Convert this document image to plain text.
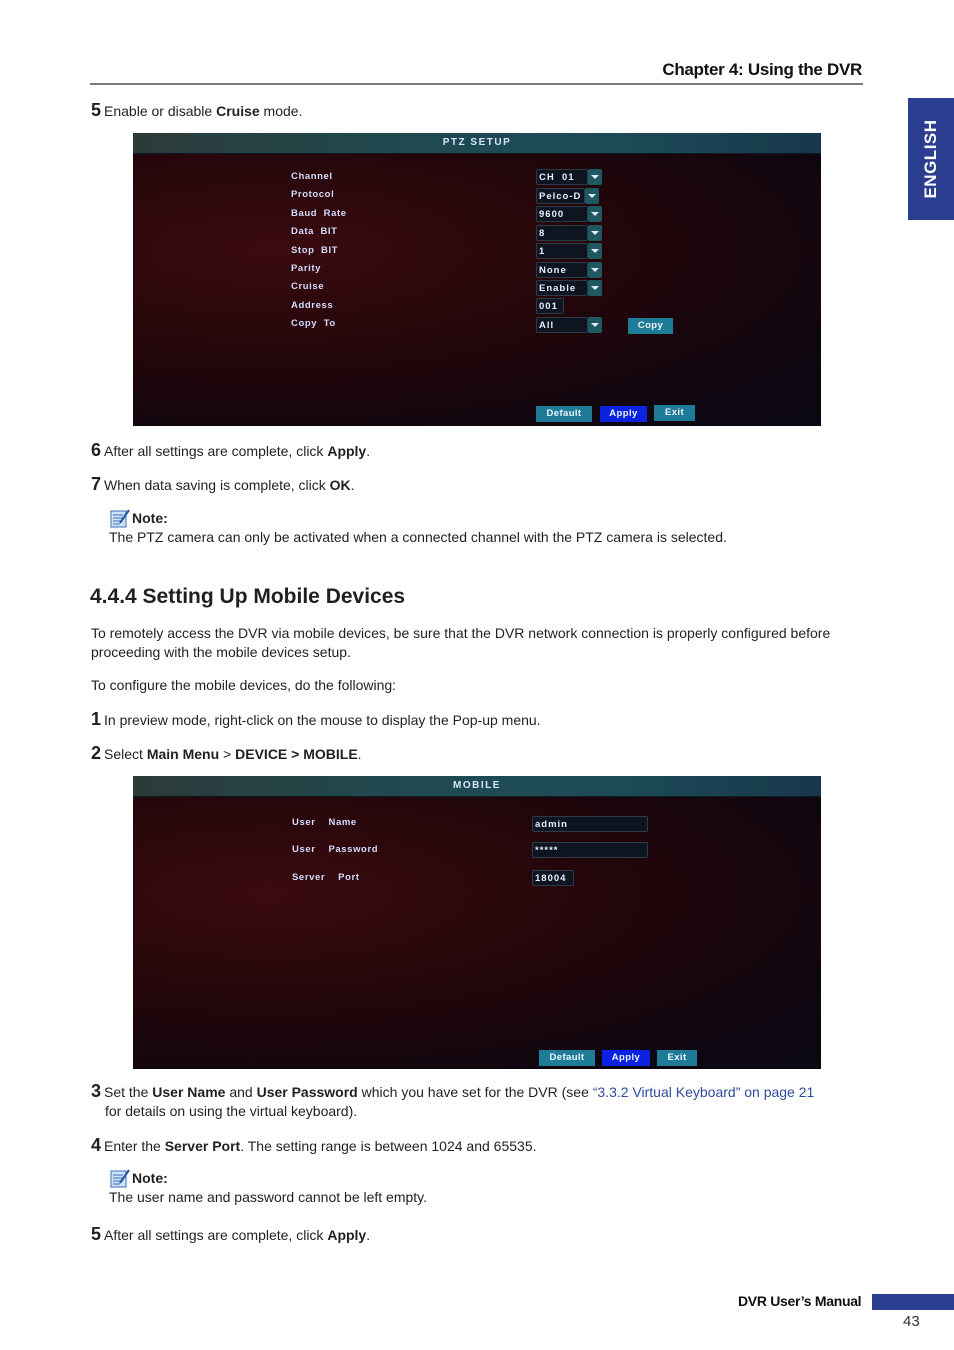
Chapter 4: Using the DVR
ENGLISH
5 Enable or disable Cruise mode.
PTZ SETUP
Channel	CH  01
Protocol	Pelco-D
Baud  Rate	9600
Data  BIT	8
Stop  BIT	1
Parity	None
Cruise	Enable
Address	001
Copy  To	All	Copy
Default	Apply	Exit
6 After all settings are complete, click Apply.
7 When data saving is complete, click OK.
Note:
The PTZ camera can only be activated when a connected channel with the PTZ camera is selected.
4.4.4 Setting Up Mobile Devices
To remotely access the DVR via mobile devices, be sure that the DVR network connection is properly configured before proceeding with the mobile devices setup.
To configure the mobile devices, do the following:
1 In preview mode, right-click on the mouse to display the Pop-up menu.
2 Select Main Menu > DEVICE > MOBILE.
MOBILE
User    Name	admin
User    Password	*****
Server    Port	18004
Default	Apply	Exit
3 Set the User Name and User Password which you have set for the DVR (see “3.3.2 Virtual Keyboard” on page 21
for details on using the virtual keyboard).
4 Enter the Server Port. The setting range is between 1024 and 65535.
Note:
The user name and password cannot be left empty.
5 After all settings are complete, click Apply.
DVR User’s Manual
43
